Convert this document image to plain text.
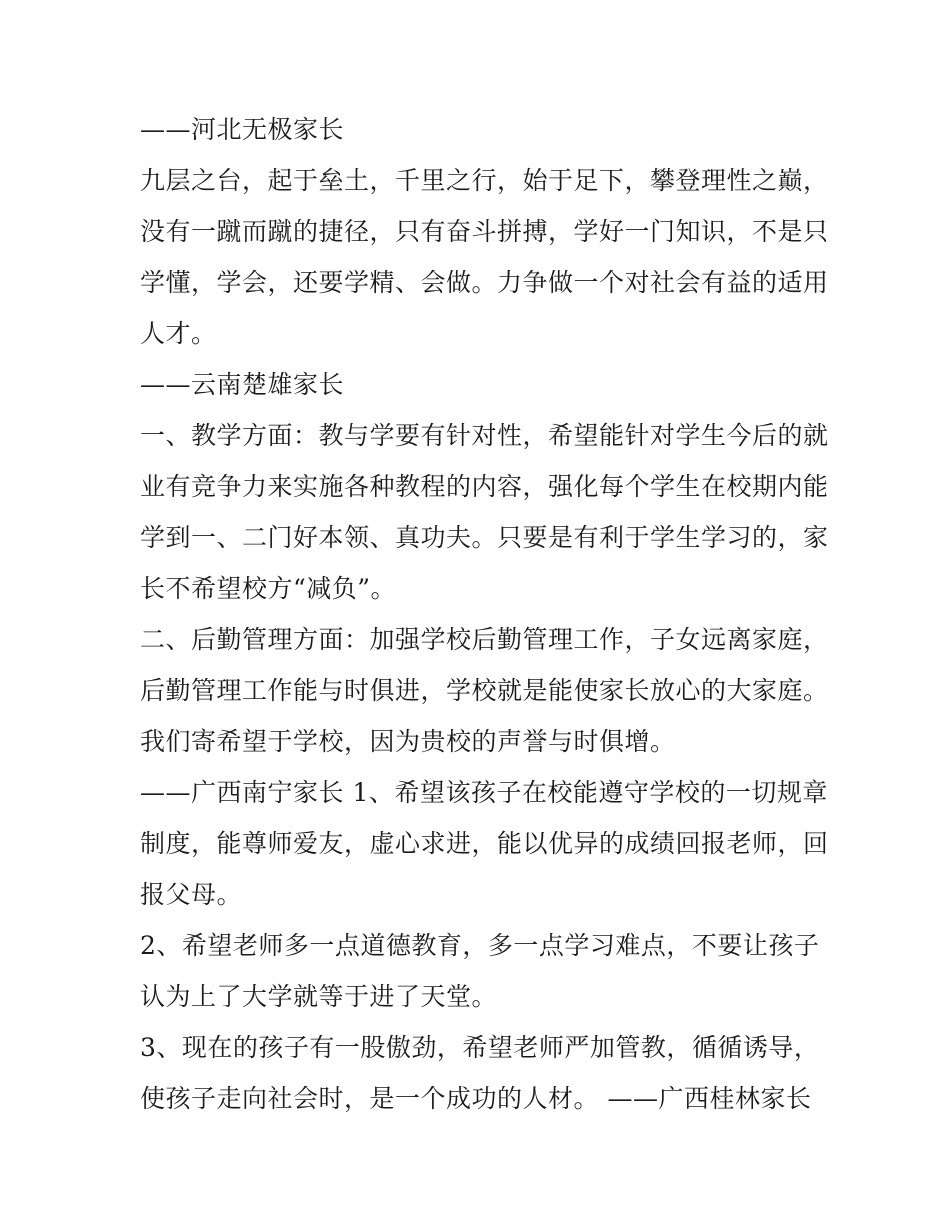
——河北无极家长
九层之台，起于垒土，千里之行，始于足下，攀登理性之巅，
没有一蹴而蹴的捷径，只有奋斗拼搏，学好一门知识，不是只
学懂，学会，还要学精、会做。力争做一个对社会有益的适用
人才。
——云南楚雄家长
一、教学方面：教与学要有针对性，希望能针对学生今后的就
业有竞争力来实施各种教程的内容，强化每个学生在校期内能
学到一、二门好本领、真功夫。只要是有利于学生学习的，家
长不希望校方“减负”。
二、后勤管理方面：加强学校后勤管理工作，子女远离家庭，
后勤管理工作能与时俱进，学校就是能使家长放心的大家庭。
我们寄希望于学校，因为贵校的声誉与时俱增。
——广西南宁家长 1、希望该孩子在校能遵守学校的一切规章
制度，能尊师爱友，虚心求进，能以优异的成绩回报老师，回
报父母。
2、希望老师多一点道德教育，多一点学习难点，不要让孩子
认为上了大学就等于进了天堂。
3、现在的孩子有一股傲劲，希望老师严加管教，循循诱导，
使孩子走向社会时，是一个成功的人材。 ——广西桂林家长
